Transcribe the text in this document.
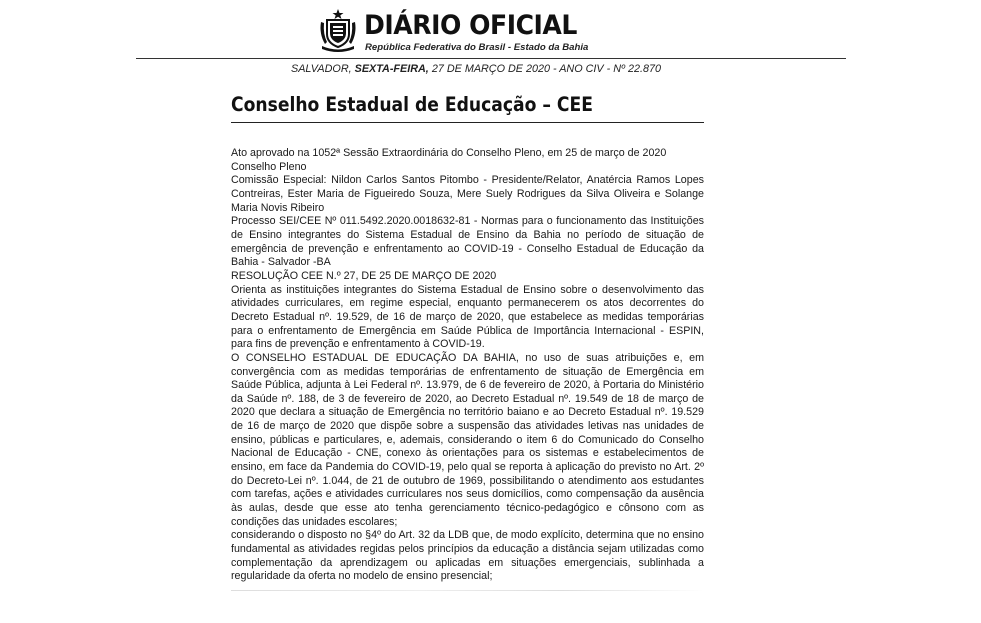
DIÁRIO OFICIAL
República Federativa do Brasil - Estado da Bahia
SALVADOR, SEXTA-FEIRA, 27 DE MARÇO DE 2020 - ANO CIV - Nº 22.870
Conselho Estadual de Educação – CEE

Ato aprovado na 1052ª Sessão Extraordinária do Conselho Pleno, em 25 de março de 2020

Conselho Pleno

Comissão Especial: Nildon Carlos Santos Pitombo - Presidente/Relator, Anatércia Ramos Lopes Contreiras, Ester Maria de Figueiredo Souza, Mere Suely Rodrigues da Silva Oliveira e Solange Maria Novis Ribeiro

Processo SEI/CEE Nº 011.5492.2020.0018632-81 - Normas para o funcionamento das Instituições de Ensino integrantes do Sistema Estadual de Ensino da Bahia no período de situação de emergência de prevenção e enfrentamento ao COVID-19 - Conselho Estadual de Educação da Bahia - Salvador -BA

RESOLUÇÃO CEE N.º 27, DE 25 DE MARÇO DE 2020

Orienta as instituições integrantes do Sistema Estadual de Ensino sobre o desenvolvimento das atividades curriculares, em regime especial, enquanto permanecerem os atos decorrentes do Decreto Estadual nº. 19.529, de 16 de março de 2020, que estabelece as medidas temporárias para o enfrentamento de Emergência em Saúde Pública de Importância Internacional - ESPIN, para fins de prevenção e enfrentamento à COVID-19.

O CONSELHO ESTADUAL DE EDUCAÇÃO DA BAHIA, no uso de suas atribuições e, em convergência com as medidas temporárias de enfrentamento de situação de Emergência em Saúde Pública, adjunta à Lei Federal nº. 13.979, de 6 de fevereiro de 2020, à Portaria do Ministério da Saúde nº. 188, de 3 de fevereiro de 2020, ao Decreto Estadual nº. 19.549 de 18 de março de 2020 que declara a situação de Emergência no território baiano e ao Decreto Estadual nº. 19.529 de 16 de março de 2020 que dispõe sobre a suspensão das atividades letivas nas unidades de ensino, públicas e particulares, e, ademais, considerando o item 6 do Comunicado do Conselho Nacional de Educação - CNE, conexo às orientações para os sistemas e estabelecimentos de ensino, em face da Pandemia do COVID-19, pelo qual se reporta à aplicação do previsto no Art. 2º do Decreto-Lei nº. 1.044, de 21 de outubro de 1969, possibilitando o atendimento aos estudantes com tarefas, ações e atividades curriculares nos seus domicílios, como compensação da ausência às aulas, desde que esse ato tenha gerenciamento técnico-pedagógico e cônsono com as condições das unidades escolares;

considerando o disposto no §4º do Art. 32 da LDB que, de modo explícito, determina que no ensino fundamental as atividades regidas pelos princípios da educação a distância sejam utilizadas como complementação da aprendizagem ou aplicadas em situações emergenciais, sublinhada a regularidade da oferta no modelo de ensino presencial;
